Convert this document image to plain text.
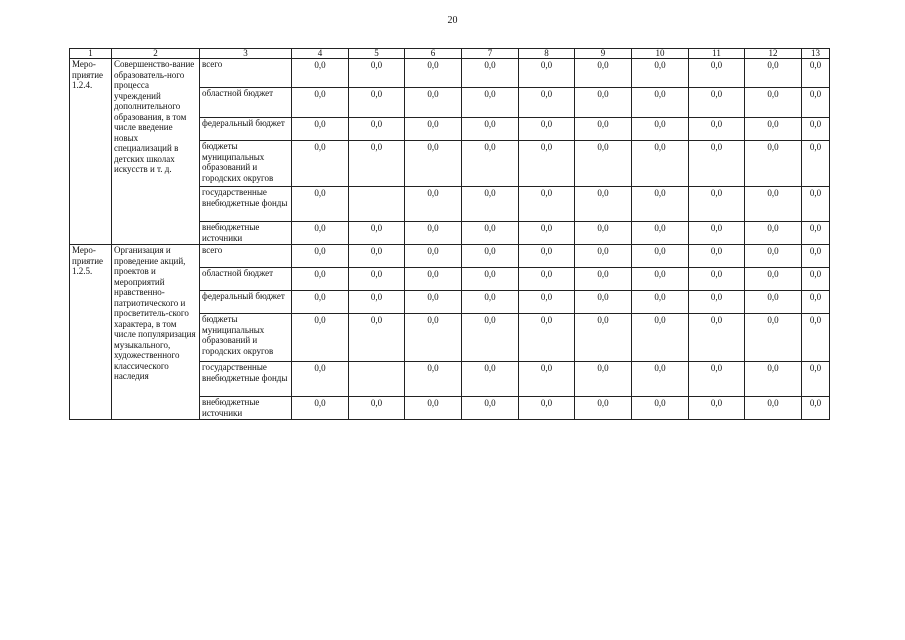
20
1	2	3	4	5	6	7	8	9	10	11	12	13
Меро-приятие 1.2.4.	Совершенство-вание образователь-ного процесса учреждений дополнительного образования, в том числе введение новых специализаций в детских школах искусств и т. д.	всего	0,0	0,0	0,0	0,0	0,0	0,0	0,0	0,0	0,0	0,0
		областной бюджет	0,0	0,0	0,0	0,0	0,0	0,0	0,0	0,0	0,0	0,0
		федеральный бюджет	0,0	0,0	0,0	0,0	0,0	0,0	0,0	0,0	0,0	0,0
		бюджеты муниципальных образований и городских округов	0,0	0,0	0,0	0,0	0,0	0,0	0,0	0,0	0,0	0,0
		государственные внебюджетные фонды	0,0		0,0	0,0	0,0	0,0	0,0	0,0	0,0	0,0
		внебюджетные источники	0,0	0,0	0,0	0,0	0,0	0,0	0,0	0,0	0,0	0,0
Меро-приятие 1.2.5.	Организация и проведение акций, проектов и мероприятий нравственно-патриотического и просветитель-ского характера, в том числе популяризация музыкального, художественного классического наследия	всего	0,0	0,0	0,0	0,0	0,0	0,0	0,0	0,0	0,0	0,0
		областной бюджет	0,0	0,0	0,0	0,0	0,0	0,0	0,0	0,0	0,0	0,0
		федеральный бюджет	0,0	0,0	0,0	0,0	0,0	0,0	0,0	0,0	0,0	0,0
		бюджеты муниципальных образований и городских округов	0,0	0,0	0,0	0,0	0,0	0,0	0,0	0,0	0,0	0,0
		государственные внебюджетные фонды	0,0		0,0	0,0	0,0	0,0	0,0	0,0	0,0	0,0
		внебюджетные источники	0,0	0,0	0,0	0,0	0,0	0,0	0,0	0,0	0,0	0,0
